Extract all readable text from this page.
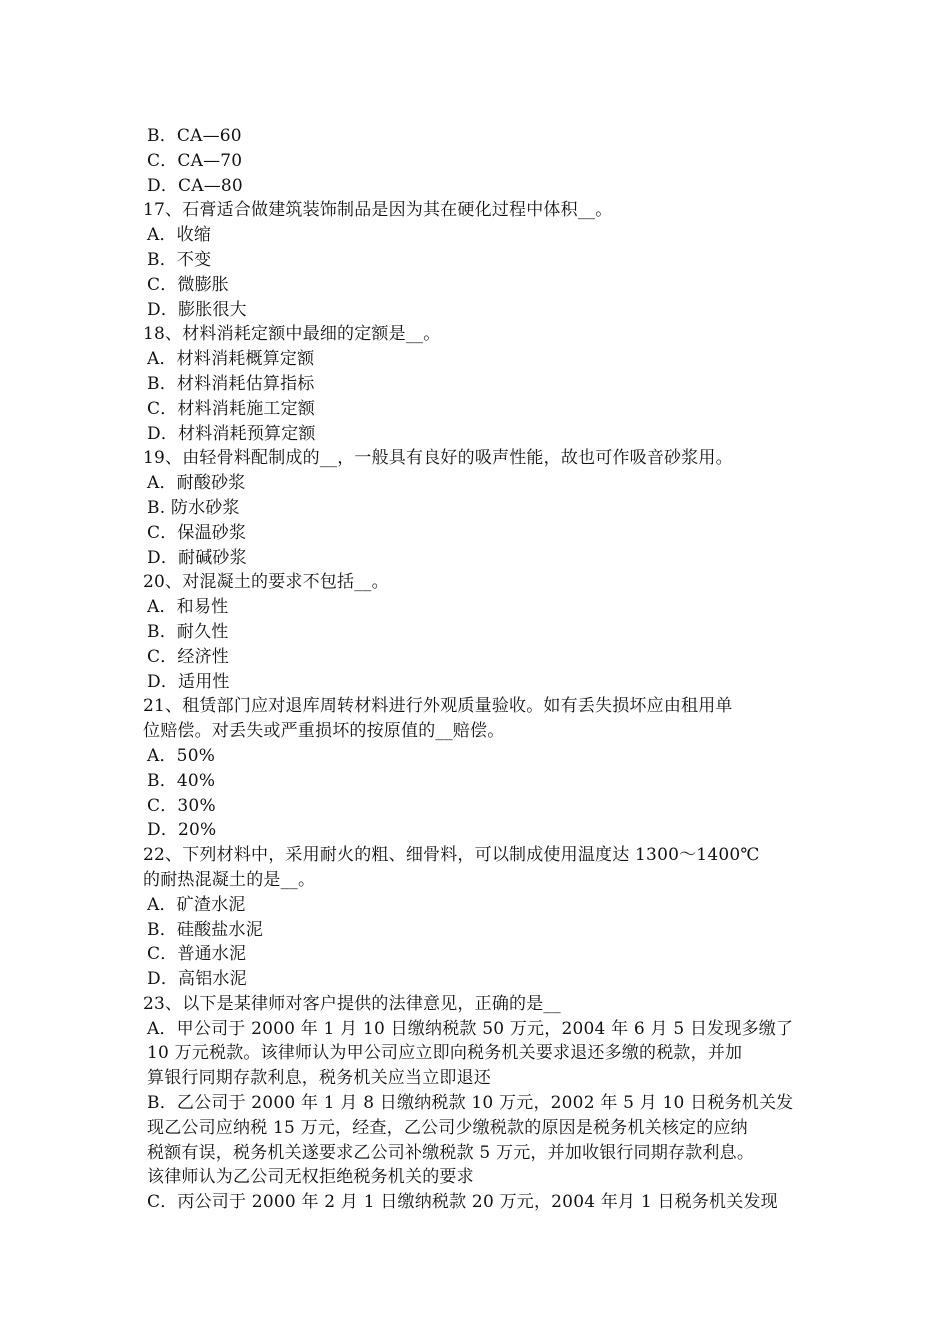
B．CA—60
C．CA—70
D．CA—80
17、石膏适合做建筑装饰制品是因为其在硬化过程中体积__。
A．收缩
B．不变
C．微膨胀
D．膨胀很大
18、材料消耗定额中最细的定额是__。
A．材料消耗概算定额
B．材料消耗估算指标
C．材料消耗施工定额
D．材料消耗预算定额
19、由轻骨料配制成的__，一般具有良好的吸声性能，故也可作吸音砂浆用。
A．耐酸砂浆
B. 防水砂浆
C．保温砂浆
D．耐碱砂浆
20、对混凝土的要求不包括__。
A．和易性
B．耐久性
C．经济性
D．适用性
21、租赁部门应对退库周转材料进行外观质量验收。如有丢失损坏应由租用单
位赔偿。对丢失或严重损坏的按原值的__赔偿。
A．50%
B．40%
C．30%
D．20%
22、下列材料中，采用耐火的粗、细骨料，可以制成使用温度达 1300～1400℃
的耐热混凝土的是__。
A．矿渣水泥
B．硅酸盐水泥
C．普通水泥
D．高铝水泥
23、以下是某律师对客户提供的法律意见，正确的是__
A．甲公司于 2000 年 1 月 10 日缴纳税款 50 万元，2004 年 6 月 5 日发现多缴了
10 万元税款。该律师认为甲公司应立即向税务机关要求退还多缴的税款，并加
算银行同期存款利息，税务机关应当立即退还
B．乙公司于 2000 年 1 月 8 日缴纳税款 10 万元，2002 年 5 月 10 日税务机关发
现乙公司应纳税 15 万元，经查，乙公司少缴税款的原因是税务机关核定的应纳
税额有误，税务机关遂要求乙公司补缴税款 5 万元，并加收银行同期存款利息。
该律师认为乙公司无权拒绝税务机关的要求
C．丙公司于 2000 年 2 月 1 日缴纳税款 20 万元，2004 年月 1 日税务机关发现
